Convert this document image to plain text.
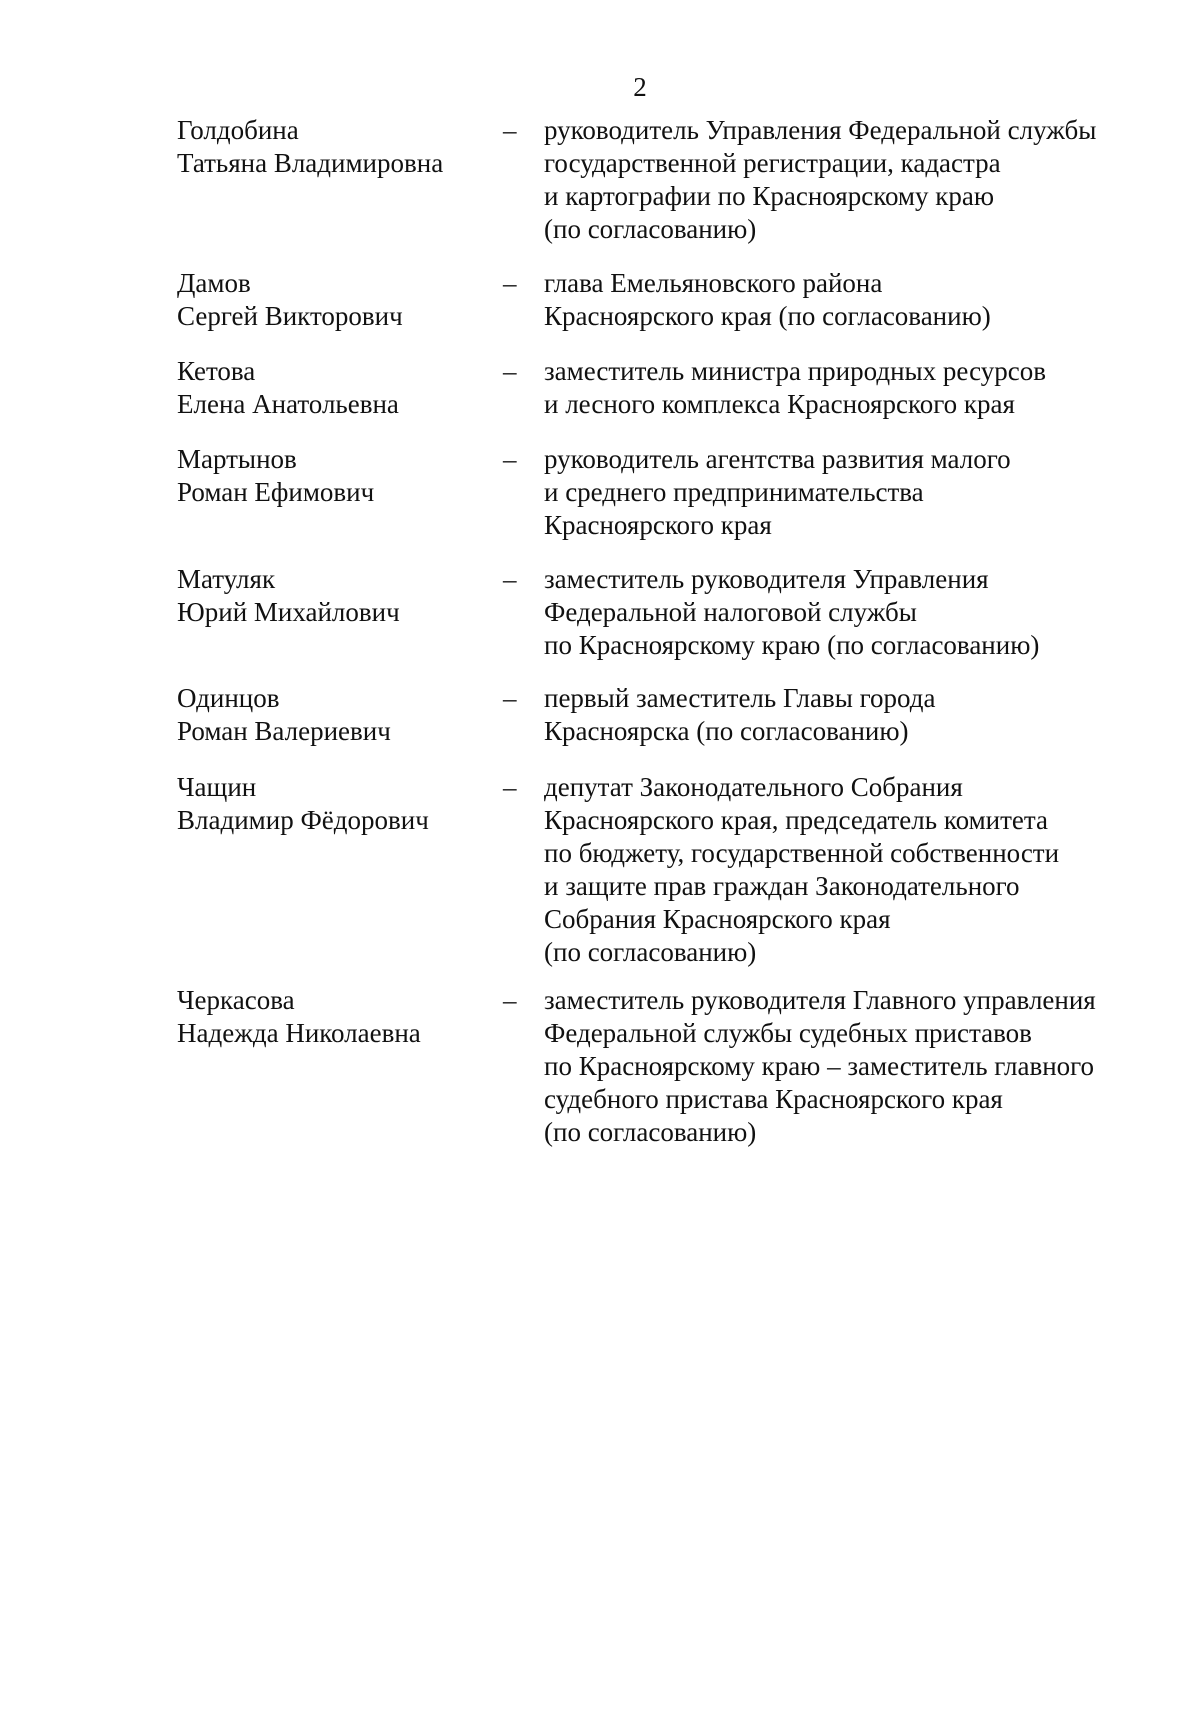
2
Голдобина
Татьяна Владимировна
– руководитель Управления Федеральной службы
государственной регистрации, кадастра
и картографии по Красноярскому краю
(по согласованию)
Дамов
Сергей Викторович
– глава Емельяновского района
Красноярского края (по согласованию)
Кетова
Елена Анатольевна
– заместитель министра природных ресурсов
и лесного комплекса Красноярского края
Мартынов
Роман Ефимович
– руководитель агентства развития малого
и среднего предпринимательства
Красноярского края
Матуляк
Юрий Михайлович
– заместитель руководителя Управления
Федеральной налоговой службы
по Красноярскому краю (по согласованию)
Одинцов
Роман Валериевич
– первый заместитель Главы города
Красноярска (по согласованию)
Чащин
Владимир Фёдорович
– депутат Законодательного Собрания
Красноярского края, председатель комитета
по бюджету, государственной собственности
и защите прав граждан Законодательного
Собрания Красноярского края
(по согласованию)
Черкасова
Надежда Николаевна
– заместитель руководителя Главного управления
Федеральной службы судебных приставов
по Красноярскому краю – заместитель главного
судебного пристава Красноярского края
(по согласованию)
